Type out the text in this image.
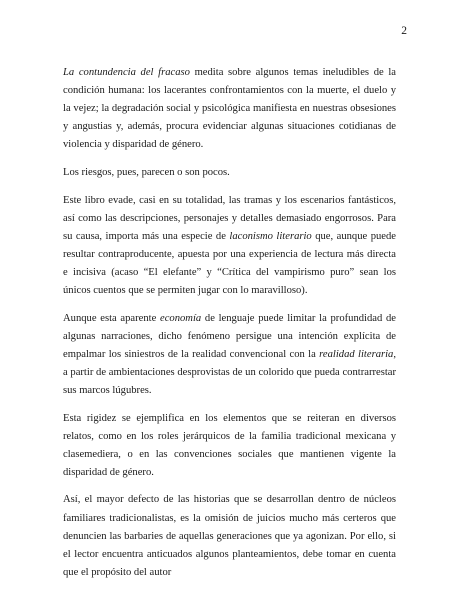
2

La contundencia del fracaso medita sobre algunos temas ineludibles de la condición humana: los lacerantes confrontamientos con la muerte, el duelo y la vejez; la degradación social y psicológica manifiesta en nuestras obsesiones y angustias y, además, procura evidenciar algunas situaciones cotidianas de violencia y disparidad de género.

Los riesgos, pues, parecen o son pocos.

Este libro evade, casi en su totalidad, las tramas y los escenarios fantásticos, así como las descripciones, personajes y detalles demasiado engorrosos. Para su causa, importa más una especie de laconismo literario que, aunque puede resultar contraproducente, apuesta por una experiencia de lectura más directa e incisiva (acaso “El elefante” y “Crítica del vampirismo puro” sean los únicos cuentos que se permiten jugar con lo maravilloso).

Aunque esta aparente economía de lenguaje puede limitar la profundidad de algunas narraciones, dicho fenómeno persigue una intención explícita de empalmar los siniestros de la realidad convencional con la realidad literaria, a partir de ambientaciones desprovistas de un colorido que pueda contrarrestar sus marcos lúgubres.

Esta rigidez se ejemplifica en los elementos que se reiteran en diversos relatos, como en los roles jerárquicos de la familia tradicional mexicana y clasemediera, o en las convenciones sociales que mantienen vigente la disparidad de género.

Así, el mayor defecto de las historias que se desarrollan dentro de núcleos familiares tradicionalistas, es la omisión de juicios mucho más certeros que denuncien las barbaries de aquellas generaciones que ya agonizan. Por ello, si el lector encuentra anticuados algunos planteamientos, debe tomar en cuenta que el propósito del autor
